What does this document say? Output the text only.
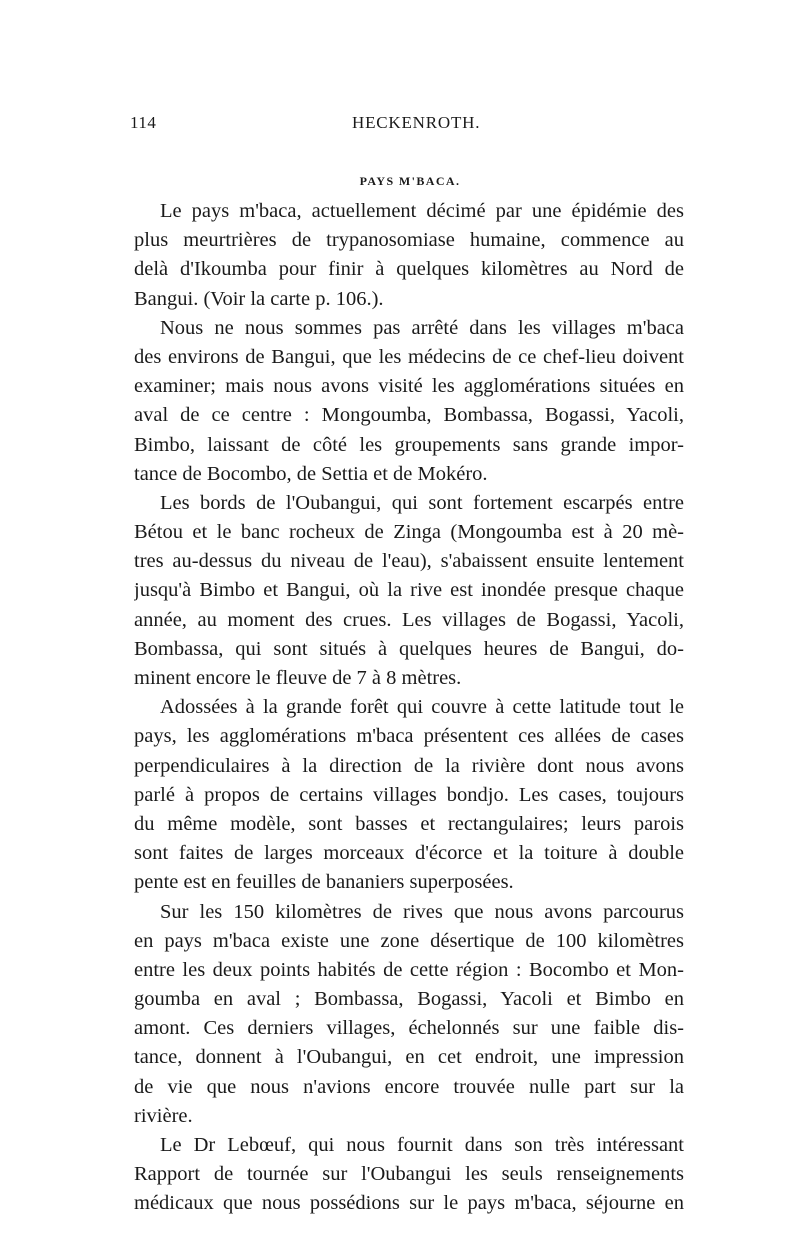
114	HECKENROTH.
PAYS M'BACA.
Le pays m'baca, actuellement décimé par une épidémie des
plus meurtrières de trypanosomiase humaine, commence au
delà d'Ikoumba pour finir à quelques kilomètres au Nord de
Bangui. (Voir la carte p. 106.).
Nous ne nous sommes pas arrêté dans les villages m'baca
des environs de Bangui, que les médecins de ce chef-lieu doivent
examiner; mais nous avons visité les agglomérations situées en
aval de ce centre : Mongoumba, Bombassa, Bogassi, Yacoli,
Bimbo, laissant de côté les groupements sans grande impor-
tance de Bocombo, de Settia et de Mokéro.
Les bords de l'Oubangui, qui sont fortement escarpés entre
Bétou et le banc rocheux de Zinga (Mongoumba est à 20 mè-
tres au-dessus du niveau de l'eau), s'abaissent ensuite lentement
jusqu'à Bimbo et Bangui, où la rive est inondée presque chaque
année, au moment des crues. Les villages de Bogassi, Yacoli,
Bombassa, qui sont situés à quelques heures de Bangui, do-
minent encore le fleuve de 7 à 8 mètres.
Adossées à la grande forêt qui couvre à cette latitude tout le
pays, les agglomérations m'baca présentent ces allées de cases
perpendiculaires à la direction de la rivière dont nous avons
parlé à propos de certains villages bondjo. Les cases, toujours
du même modèle, sont basses et rectangulaires; leurs parois
sont faites de larges morceaux d'écorce et la toiture à double
pente est en feuilles de bananiers superposées.
Sur les 150 kilomètres de rives que nous avons parcourus
en pays m'baca existe une zone désertique de 100 kilomètres
entre les deux points habités de cette région : Bocombo et Mon-
goumba en aval ; Bombassa, Bogassi, Yacoli et Bimbo en
amont. Ces derniers villages, échelonnés sur une faible dis-
tance, donnent à l'Oubangui, en cet endroit, une impression
de vie que nous n'avions encore trouvée nulle part sur la
rivière.
Le Dr Lebœuf, qui nous fournit dans son très intéressant
Rapport de tournée sur l'Oubangui les seuls renseignements
médicaux que nous possédions sur le pays m'baca, séjourne en
